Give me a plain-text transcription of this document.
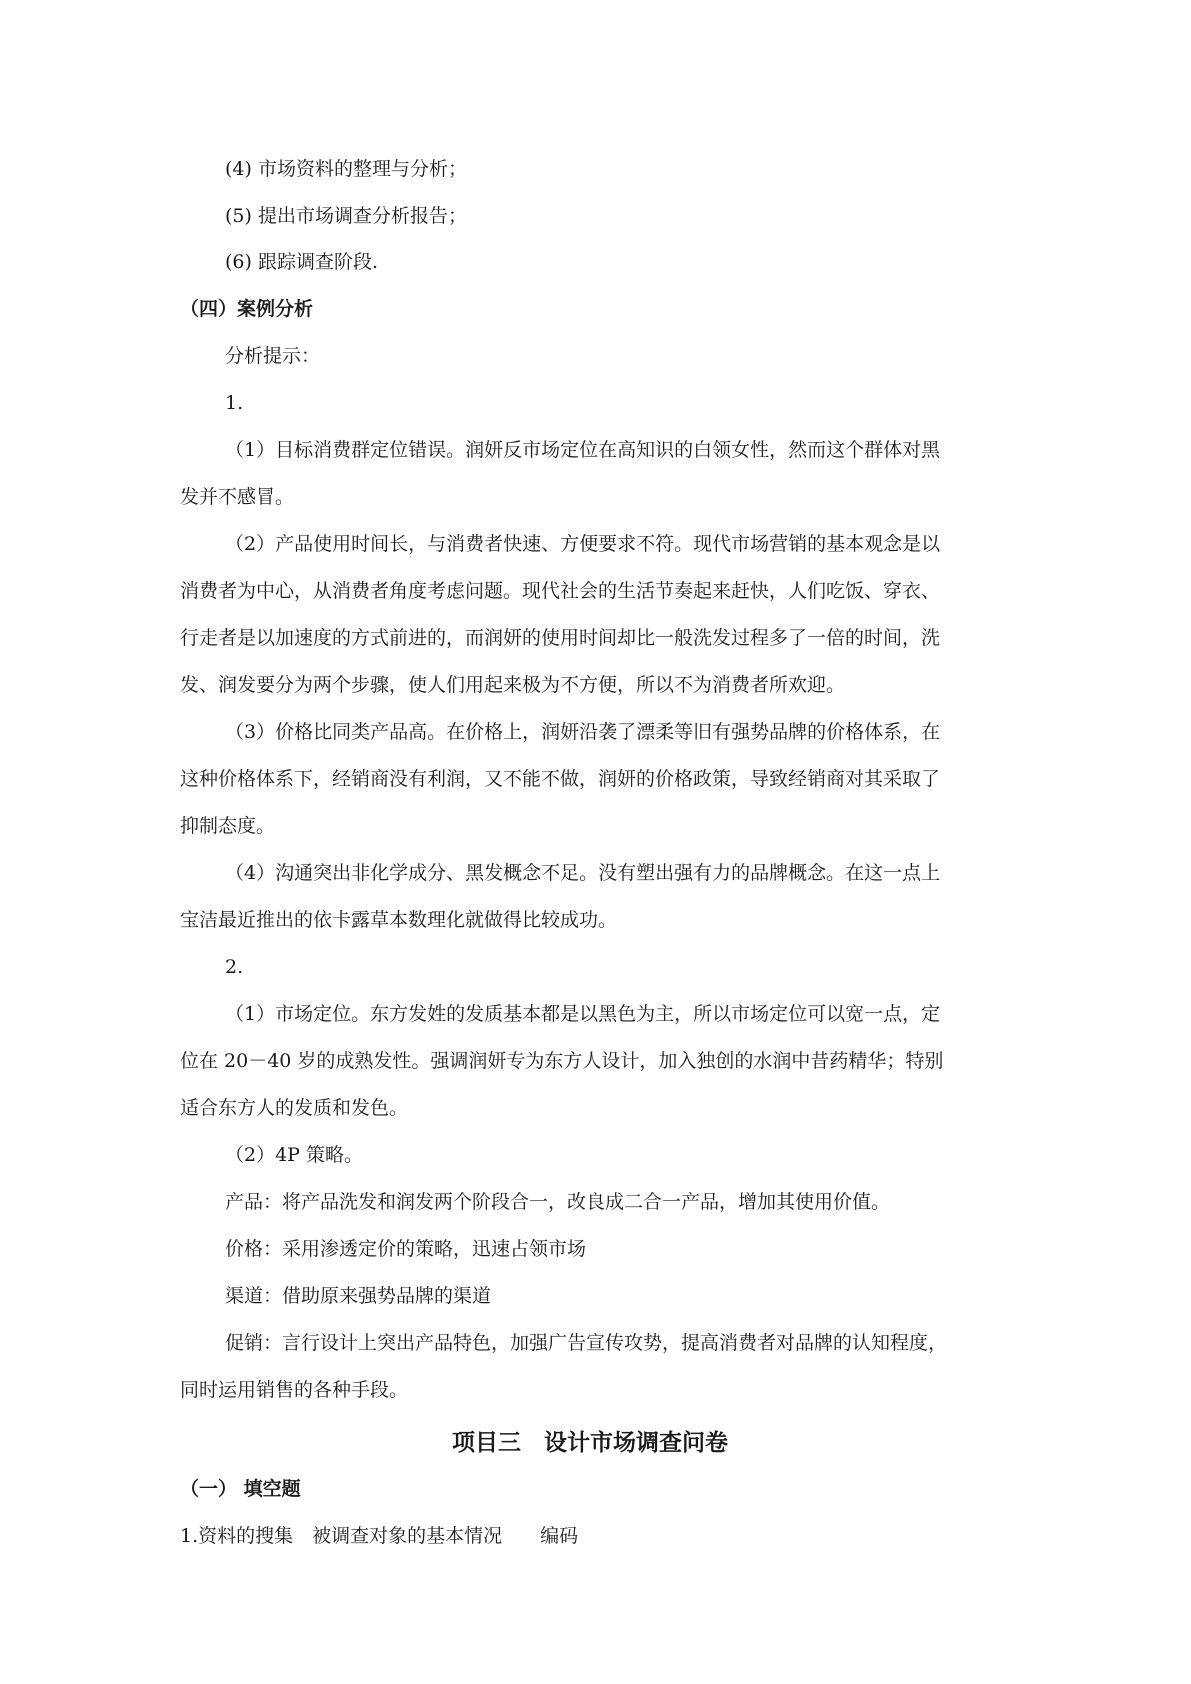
(4) 市场资料的整理与分析；
(5) 提出市场调查分析报告；
(6) 跟踪调查阶段.
（四）案例分析
分析提示：
1.
（1）目标消费群定位错误。润妍反市场定位在高知识的白领女性，然而这个群体对黑
发并不感冒。
（2）产品使用时间长，与消费者快速、方便要求不符。现代市场营销的基本观念是以
消费者为中心，从消费者角度考虑问题。现代社会的生活节奏起来赶快，人们吃饭、穿衣、
行走者是以加速度的方式前进的，而润妍的使用时间却比一般洗发过程多了一倍的时间，洗
发、润发要分为两个步骤，使人们用起来极为不方便，所以不为消费者所欢迎。
（3）价格比同类产品高。在价格上，润妍沿袭了漂柔等旧有强势品牌的价格体系，在
这种价格体系下，经销商没有利润，又不能不做，润妍的价格政策，导致经销商对其采取了
抑制态度。
（4）沟通突出非化学成分、黑发概念不足。没有塑出强有力的品牌概念。在这一点上
宝洁最近推出的依卡露草本数理化就做得比较成功。
2.
（1）市场定位。东方发姓的发质基本都是以黑色为主，所以市场定位可以宽一点，定
位在 20－40 岁的成熟发性。强调润妍专为东方人设计，加入独创的水润中昔药精华；特别
适合东方人的发质和发色。
（2）4P 策略。
产品：将产品洗发和润发两个阶段合一，改良成二合一产品，增加其使用价值。
价格：采用渗透定价的策略，迅速占领市场
渠道：借助原来强势品牌的渠道
促销：言行设计上突出产品特色，加强广告宣传攻势，提高消费者对品牌的认知程度，
同时运用销售的各种手段。
项目三　设计市场调查问卷
（一） 填空题
1.资料的搜集　被调查对象的基本情况　　编码
